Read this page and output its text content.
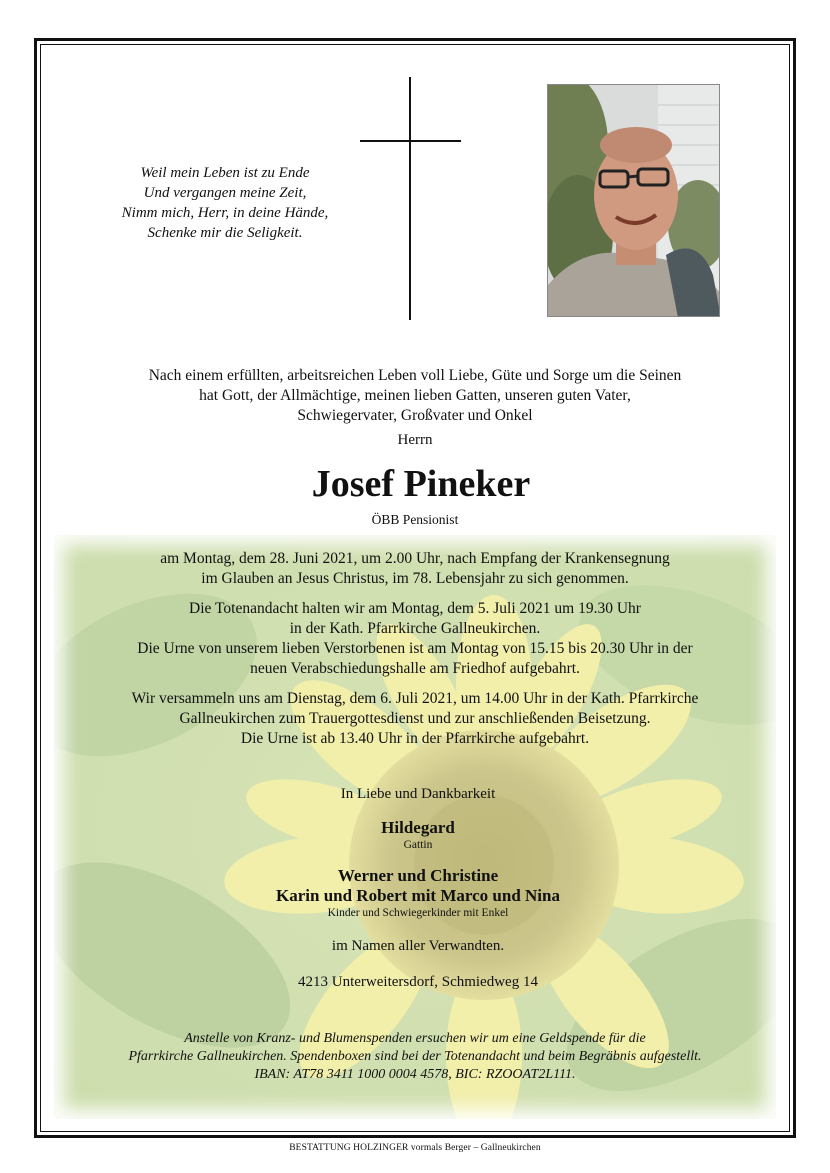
Weil mein Leben ist zu Ende
Und vergangen meine Zeit,
Nimm mich, Herr, in deine Hände,
Schenke mir die Seligkeit.
Nach einem erfüllten, arbeitsreichen Leben voll Liebe, Güte und Sorge um die Seinen
hat Gott, der Allmächtige, meinen lieben Gatten, unseren guten Vater,
Schwiegervater, Großvater und Onkel
Herrn
Josef Pineker
ÖBB Pensionist
am Montag, dem 28. Juni 2021, um 2.00 Uhr, nach Empfang der Krankensegnung
im Glauben an Jesus Christus, im 78. Lebensjahr zu sich genommen.
Die Totenandacht halten wir am Montag, dem 5. Juli 2021 um 19.30 Uhr
in der Kath. Pfarrkirche Gallneukirchen.
Die Urne von unserem lieben Verstorbenen ist am Montag von 15.15 bis 20.30 Uhr in der
neuen Verabschiedungshalle am Friedhof aufgebahrt.
Wir versammeln uns am Dienstag, dem 6. Juli 2021, um 14.00 Uhr in der Kath. Pfarrkirche
Gallneukirchen zum Trauergottesdienst und zur anschließenden Beisetzung.
Die Urne ist ab 13.40 Uhr in der Pfarrkirche aufgebahrt.
In Liebe und Dankbarkeit
Hildegard
Gattin
Werner und Christine
Karin und Robert mit Marco und Nina
Kinder und Schwiegerkinder mit Enkel
im Namen aller Verwandten.
4213 Unterweitersdorf, Schmiedweg 14
Anstelle von Kranz- und Blumenspenden ersuchen wir um eine Geldspende für die
Pfarrkirche Gallneukirchen. Spendenboxen sind bei der Totenandacht und beim Begräbnis aufgestellt.
IBAN: AT78 3411 1000 0004 4578, BIC: RZOOAT2L111.
BESTATTUNG HOLZINGER vormals Berger – Gallneukirchen
